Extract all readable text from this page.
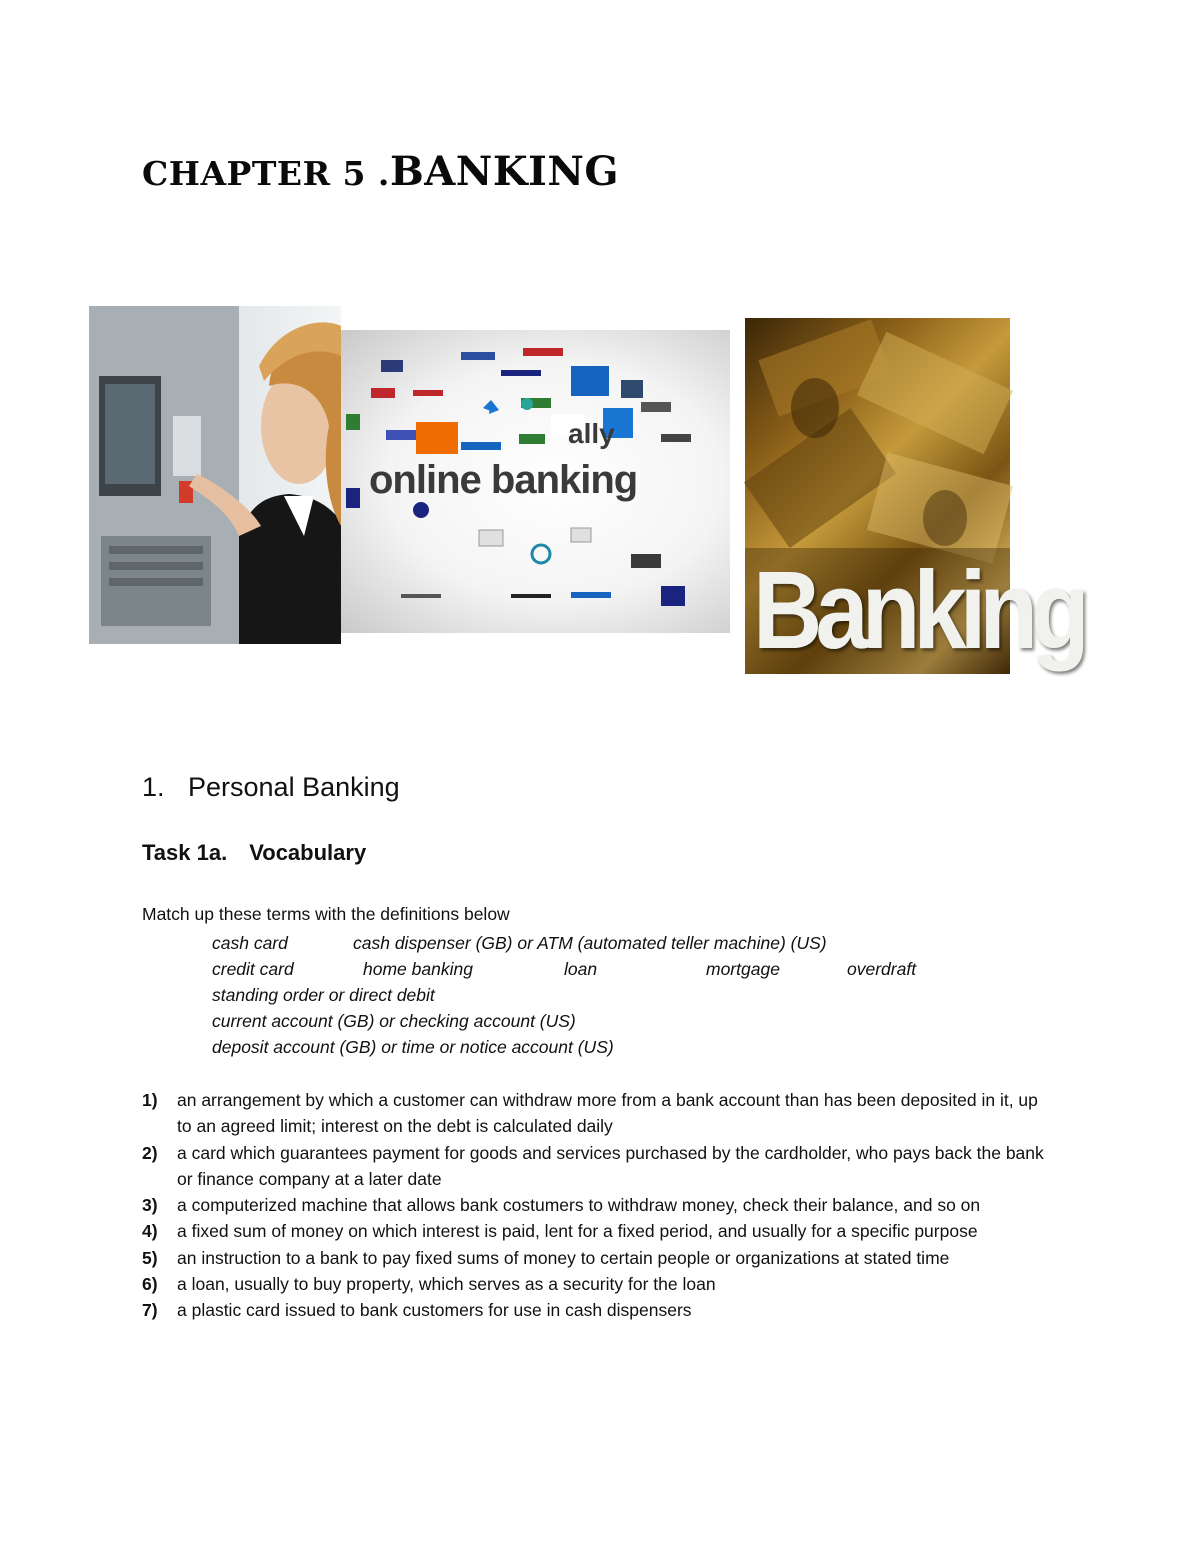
CHAPTER 5 .BANKING
ally
online banking
Banking
1. Personal Banking
Task 1a. Vocabulary
Match up these terms with the definitions below
cash card	cash dispenser (GB) or ATM (automated teller machine) (US)
credit card	home banking	loan	mortgage	overdraft
standing order or direct debit
current account (GB) or checking account (US)
deposit account (GB) or time or notice account (US)
1) an arrangement by which a customer can withdraw more from a bank account than has been deposited in it, up to an agreed limit; interest on the debt is calculated daily
2) a card which guarantees payment for goods and services purchased by the cardholder, who pays back the bank or finance company at a later date
3) a computerized machine that allows bank costumers to withdraw money, check their balance, and so on
4) a fixed sum of money on which interest is paid, lent for a fixed period, and usually for a specific purpose
5) an instruction to a bank to pay fixed sums of money to certain people or organizations at stated time
6) a loan, usually to buy property, which serves as a security for the loan
7) a plastic card issued to bank customers for use in cash dispensers
